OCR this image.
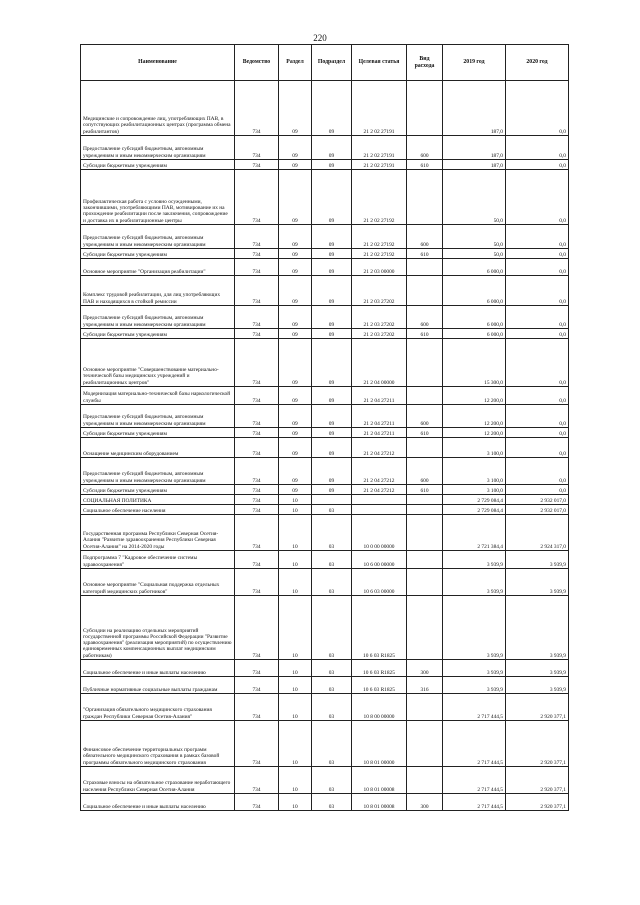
220
Наименование	Ведомство	Раздел	Подраздел	Целевая статья	Вид расхода	2019 год	2020 год
Медицинские и сопровождение лиц, употребляющих ПАВ, в сопутствующих реабилитационных центрах (программа обмена реабилитантов)	734	09	09	21 2 02 27191		187,0	0,0
Предоставление субсидий бюджетным, автономным учреждениям и иным некоммерческим организациям	734	09	09	21 2 02 27191	600	187,0	0,0
Субсидии бюджетным учреждениям	734	09	09	21 2 02 27191	610	187,0	0,0
Профилактическая работа с условно осужденными, закончившими, употребляющими ПАВ, мотивирование их на прохождение реабилитации после заключения, сопровождение и доставка их в реабилитационные центры	734	09	09	21 2 02 27192		50,0	0,0
Предоставление субсидий бюджетным, автономным учреждениям и иным некоммерческим организациям	734	09	09	21 2 02 27192	600	50,0	0,0
Субсидии бюджетным учреждениям	734	09	09	21 2 02 27192	610	50,0	0,0
Основное мероприятие "Организация реабилитации"	734	09	09	21 2 03 00000		6 000,0	0,0
Комплекс трудовой реабилитации, для лиц употребляющих ПАВ и находящихся в стойкой ремиссии	734	09	09	21 2 03 27202		6 000,0	0,0
Предоставление субсидий бюджетным, автономным учреждениям и иным некоммерческим организациям	734	09	09	21 2 03 27202	600	6 000,0	0,0
Субсидии бюджетным учреждениям	734	09	09	21 2 03 27202	610	6 000,0	0,0
Основное мероприятие "Совершенствование материально-технической базы медицинских учреждений и реабилитационных центров"	734	09	09	21 2 04 00000		15 300,0	0,0
Модернизация материально-технической базы наркологической службы	734	09	09	21 2 04 27211		12 200,0	0,0
Предоставление субсидий бюджетным, автономным учреждениям и иным некоммерческим организациям	734	09	09	21 2 04 27211	600	12 200,0	0,0
Субсидии бюджетным учреждениям	734	09	09	21 2 04 27211	610	12 200,0	0,0
Оснащение медицинским оборудованием	734	09	09	21 2 04 27212		3 100,0	0,0
Предоставление субсидий бюджетным, автономным учреждениям и иным некоммерческим организациям	734	09	09	21 2 04 27212	600	3 100,0	0,0
Субсидии бюджетным учреждениям	734	09	09	21 2 04 27212	610	3 100,0	0,0
СОЦИАЛЬНАЯ ПОЛИТИКА	734	10				2 729 084,4	2 932 017,0
Социальное обеспечение населения	734	10	03			2 729 084,4	2 932 017,0
Государственная программа Республики Северная Осетия-Алания "Развитие здравоохранения Республики Северная Осетия-Алания" на 2014-2020 годы	734	10	03	10 0 00 00000		2 721 384,4	2 924 317,0
Подпрограмма 7 "Кадровое обеспечение системы здравоохранения"	734	10	03	10 6 00 00000		3 939,9	3 939,9
Основное мероприятие "Социальная поддержка отдельных категорий медицинских работников"	734	10	03	10 6 03 00000		3 939,9	3 939,9
Субсидии на реализацию отдельных мероприятий государственной программы Российской Федерации "Развитие здравоохранения" (реализация мероприятий) по осуществлению единовременных компенсационных выплат медицинским работникам)	734	10	03	10 6 03 R1825		3 939,9	3 939,9
Социальное обеспечение и иные выплаты населению	734	10	03	10 6 03 R1825	300	3 939,9	3 939,9
Публичные нормативные социальные выплаты гражданам	734	10	03	10 6 03 R1825	316	3 939,9	3 939,9
"Организация обязательного медицинского страхования граждан Республики Северная Осетия-Алания"	734	10	03	10 8 00 00000		2 717 444,5	2 920 377,1
Финансовое обеспечение территориальных программ обязательного медицинского страхования в рамках базовой программы обязательного медицинского страхования	734	10	03	10 8 01 00000		2 717 444,5	2 920 377,1
Страховые взносы на обязательное страхование неработающего населения Республики Северная Осетия-Алания	734	10	03	10 8 01 00008		2 717 444,5	2 920 377,1
Социальное обеспечение и иные выплаты населению	734	10	03	10 8 01 00008	300	2 717 444,5	2 920 377,1
